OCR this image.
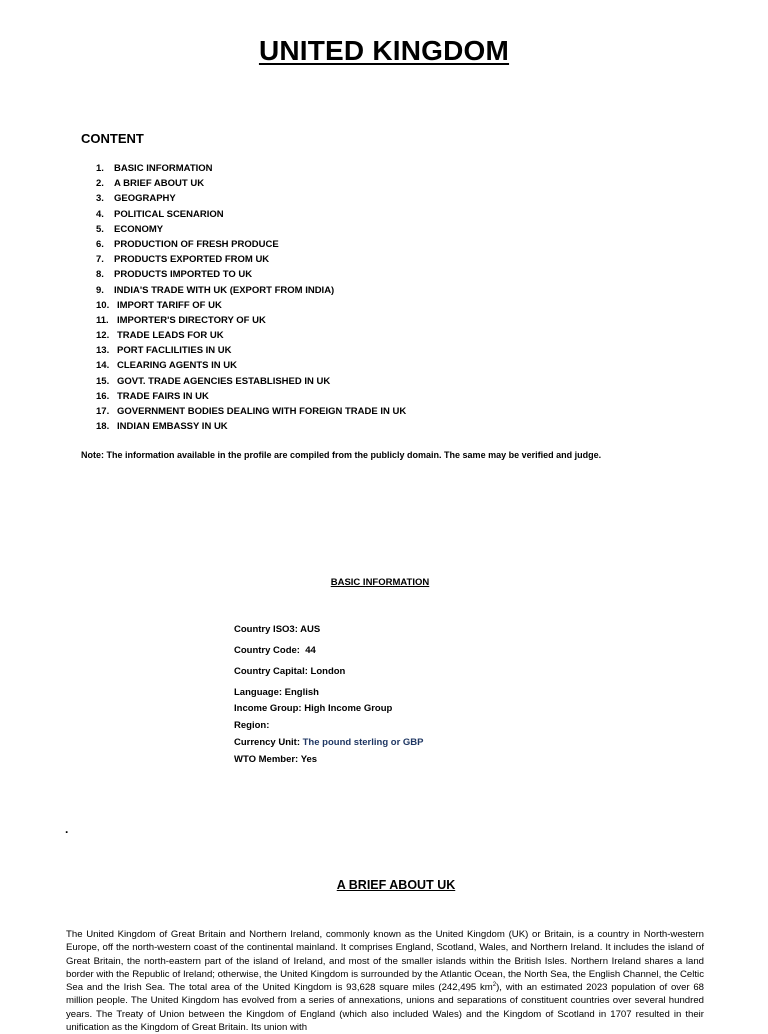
UNITED KINGDOM
CONTENT
1. BASIC INFORMATION
2. A BRIEF ABOUT UK
3. GEOGRAPHY
4. POLITICAL SCENARION
5. ECONOMY
6. PRODUCTION OF FRESH PRODUCE
7. PRODUCTS EXPORTED FROM UK
8. PRODUCTS IMPORTED TO UK
9. INDIA'S TRADE WITH UK (EXPORT FROM INDIA)
10. IMPORT TARIFF OF UK
11. IMPORTER'S DIRECTORY OF UK
12. TRADE LEADS FOR UK
13. PORT FACLILITIES IN UK
14. CLEARING AGENTS IN UK
15. GOVT. TRADE AGENCIES ESTABLISHED IN UK
16. TRADE FAIRS IN UK
17. GOVERNMENT BODIES DEALING WITH FOREIGN TRADE IN UK
18. INDIAN EMBASSY IN UK
Note: The information available in the profile are compiled from the publicly domain. The same may be verified and judge.
BASIC INFORMATION
Country ISO3: AUS
Country Code:  44
Country Capital: London
Language: English
Income Group: High Income Group
Region:
Currency Unit: The pound sterling or GBP
WTO Member: Yes
.
A BRIEF ABOUT UK

The United Kingdom of Great Britain and Northern Ireland, commonly known as the United Kingdom (UK) or Britain, is a country in North-western Europe, off the north-western coast of the continental mainland. It comprises England, Scotland, Wales, and Northern Ireland. It includes the island of Great Britain, the north-eastern part of the island of Ireland, and most of the smaller islands within the British Isles. Northern Ireland shares a land border with the Republic of Ireland; otherwise, the United Kingdom is surrounded by the Atlantic Ocean, the North Sea, the English Channel, the Celtic Sea and the Irish Sea. The total area of the United Kingdom is 93,628 square miles (242,495 $km^2$), with an estimated 2023 population of over 68 million people. The United Kingdom has evolved from a series of annexations, unions and separations of constituent countries over several hundred years. The Treaty of Union between the Kingdom of England (which also included Wales) and the Kingdom of Scotland in 1707 resulted in their unification as the Kingdom of Great Britain. Its union with
